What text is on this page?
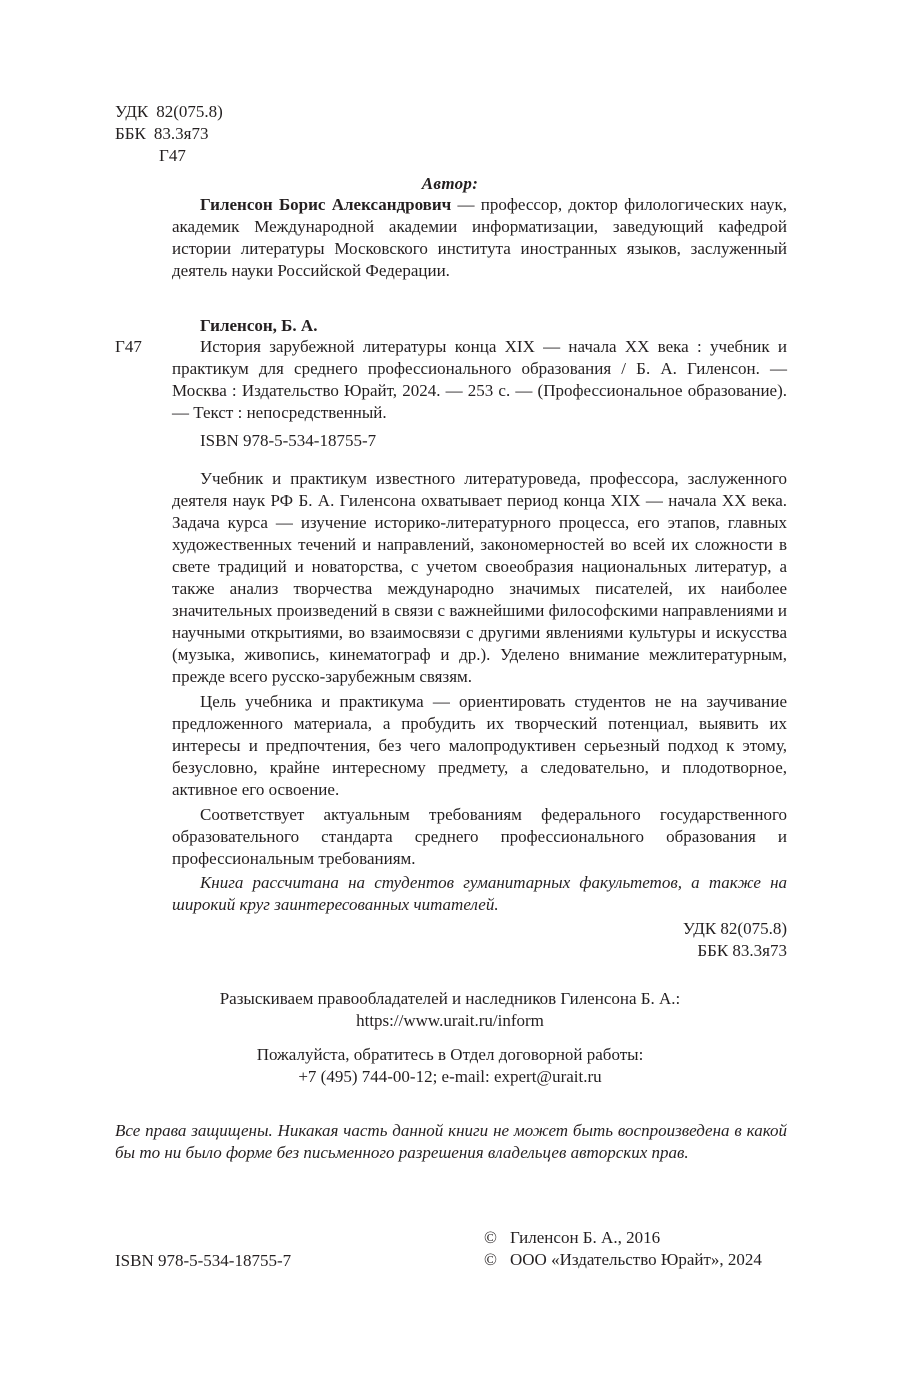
УДК 82(075.8)
ББК 83.3я73
Г47
Автор:
Гиленсон Борис Александрович — профессор, доктор филологических наук, академик Международной академии информатизации, заведующий кафедрой истории литературы Московского института иностранных языков, заслуженный деятель науки Российской Федерации.
Гиленсон, Б. А.
Г47	История зарубежной литературы конца XIX — начала XX века : учебник и практикум для среднего профессионального образования / Б. А. Гиленсон. — Москва : Издательство Юрайт, 2024. — 253 с. — (Профессиональное образование). — Текст : непосредственный.
ISBN 978-5-534-18755-7

Учебник и практикум известного литературоведа, профессора, заслуженного деятеля наук РФ Б. А. Гиленсона охватывает период конца XIX — начала XX века. Задача курса — изучение историко-литературного процесса, его этапов, главных художественных течений и направлений, закономерностей во всей их сложности в свете традиций и новаторства, с учетом своеобразия национальных литератур, а также анализ творчества международно значимых писателей, их наиболее значительных произведений в связи с важнейшими философскими направлениями и научными открытиями, во взаимосвязи с другими явлениями культуры и искусства (музыка, живопись, кинематограф и др.). Уделено внимание межлитературным, прежде всего русско-зарубежным связям.

Цель учебника и практикума — ориентировать студентов не на заучивание предложенного материала, а пробудить их творческий потенциал, выявить их интересы и предпочтения, без чего малопродуктивен серьезный подход к этому, безусловно, крайне интересному предмету, а следовательно, и плодотворное, активное его освоение.

Соответствует актуальным требованиям федерального государственного образовательного стандарта среднего профессионального образования и профессиональным требованиям.

Книга рассчитана на студентов гуманитарных факультетов, а также на широкий круг заинтересованных читателей.

УДК 82(075.8)
ББК 83.3я73
Разыскиваем правообладателей и наследников Гиленсона Б. А.:
https://www.urait.ru/inform
Пожалуйста, обратитесь в Отдел договорной работы:
+7 (495) 744-00-12; e-mail: expert@urait.ru
Все права защищены. Никакая часть данной книги не может быть воспроизведена в какой бы то ни было форме без письменного разрешения владельцев авторских прав.
ISBN 978-5-534-18755-7
© Гиленсон Б. А., 2016
© ООО «Издательство Юрайт», 2024
